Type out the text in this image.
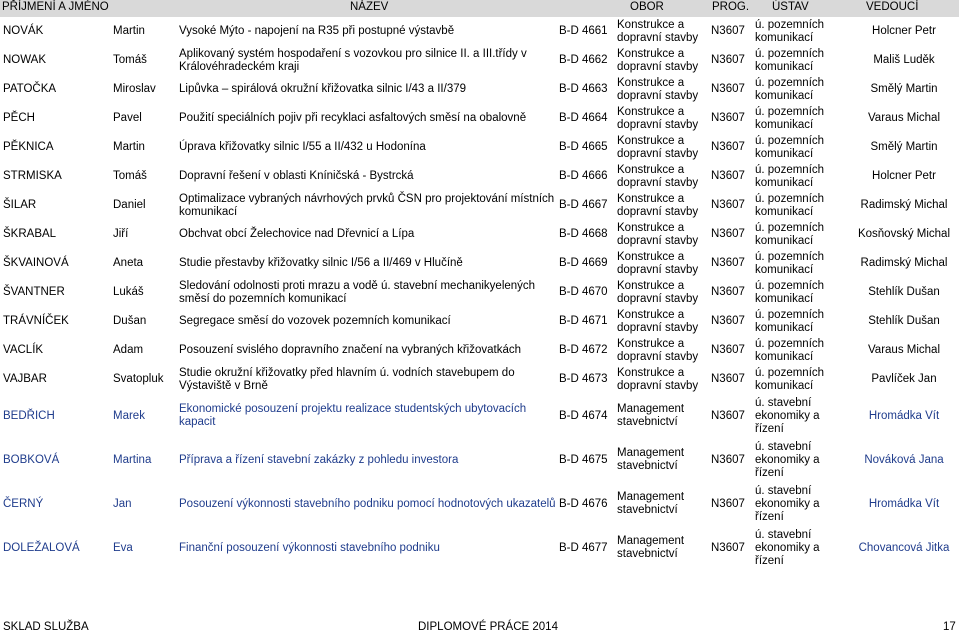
PŘÍJMENÍ A JMÉNO	NÁZEV	OBOR	PROG. ÚSTAV	VEDOUCÍ
NOVÁK	Martin	Vysoké Mýto - napojení na R35 při postupné výstavbě	B-D 4661	Konstrukce a dopravní stavby	N3607	ú. pozemních komunikací	Holcner Petr
NOWAK	Tomáš	Aplikovaný systém hospodaření s vozovkou pro silnice II. a III.třídy v Královéhradeckém kraji	B-D 4662	Konstrukce a dopravní stavby	N3607	ú. pozemních komunikací	Mališ Luděk
PATOČKA	Miroslav	Lipůvka – spirálová okružní křižovatka silnic I/43 a II/379	B-D 4663	Konstrukce a dopravní stavby	N3607	ú. pozemních komunikací	Smělý Martin
PĚCH	Pavel	Použití speciálních pojiv při recyklaci asfaltových směsí na obalovně	B-D 4664	Konstrukce a dopravní stavby	N3607	ú. pozemních komunikací	Varaus Michal
PĚKNICA	Martin	Úprava křižovatky silnic I/55 a II/432 u Hodonína	B-D 4665	Konstrukce a dopravní stavby	N3607	ú. pozemních komunikací	Smělý Martin
STRMISKA	Tomáš	Dopravní řešení v oblasti Kníničská - Bystrcká	B-D 4666	Konstrukce a dopravní stavby	N3607	ú. pozemních komunikací	Holcner Petr
ŠILAR	Daniel	Optimalizace vybraných návrhových prvků ČSN pro projektování místních komunikací	B-D 4667	Konstrukce a dopravní stavby	N3607	ú. pozemních komunikací	Radimský Michal
ŠKRABAL	Jiří	Obchvat obcí Želechovice nad Dřevnicí a Lípa	B-D 4668	Konstrukce a dopravní stavby	N3607	ú. pozemních komunikací	Kosňovský Michal
ŠKVAINOVÁ	Aneta	Studie přestavby křižovatky silnic I/56 a II/469 v Hlučíně	B-D 4669	Konstrukce a dopravní stavby	N3607	ú. pozemních komunikací	Radimský Michal
ŠVANTNER	Lukáš	Sledování odolnosti proti mrazu a vodě ú. stavební mechanikyelených směsí do pozemních komunikací	B-D 4670	Konstrukce a dopravní stavby	N3607	ú. pozemních komunikací	Stehlík Dušan
TRÁVNÍČEK	Dušan	Segregace směsí do vozovek pozemních komunikací	B-D 4671	Konstrukce a dopravní stavby	N3607	ú. pozemních komunikací	Stehlík Dušan
VACLÍK	Adam	Posouzení svislého dopravního značení na vybraných křižovatkách	B-D 4672	Konstrukce a dopravní stavby	N3607	ú. pozemních komunikací	Varaus Michal
VAJBAR	Svatopluk	Studie okružní křižovatky před hlavním ú. vodních stavebupem do Výstaviště v Brně	B-D 4673	Konstrukce a dopravní stavby	N3607	ú. pozemních komunikací	Pavlíček Jan
BEDŘICH	Marek	Ekonomické posouzení projektu realizace studentských ubytovacích kapacit	B-D 4674	Management stavebnictví	N3607	ú. stavební ekonomiky a řízení	Hromádka Vít
BOBKOVÁ	Martina	Příprava a řízení stavební zakázky z pohledu investora	B-D 4675	Management stavebnictví	N3607	ú. stavební ekonomiky a řízení	Nováková Jana
ČERNÝ	Jan	Posouzení výkonnosti stavebního podniku pomocí hodnotových ukazatelů	B-D 4676	Management stavebnictví	N3607	ú. stavební ekonomiky a řízení	Hromádka Vít
DOLEŽALOVÁ	Eva	Finanční posouzení výkonnosti stavebního podniku	B-D 4677	Management stavebnictví	N3607	ú. stavební ekonomiky a řízení	Chovancová Jitka
SKLAD SLUŽBA	DIPLOMOVÉ PRÁCE 2014	17
